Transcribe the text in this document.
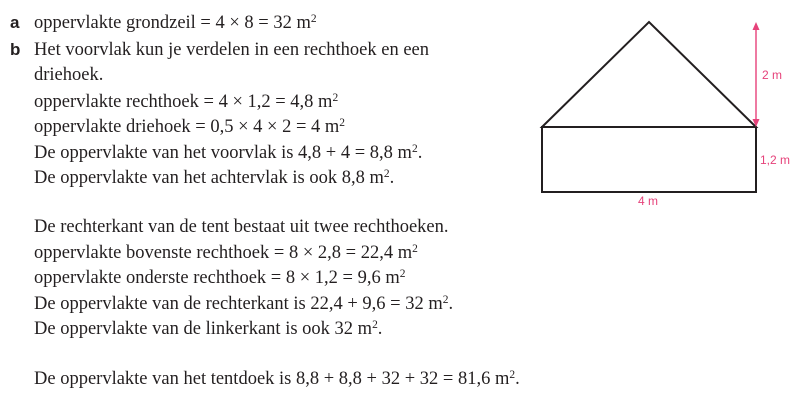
a oppervlakte grondzeil = 4 × 8 = 32 $m^2$
b Het voorvlak kun je verdelen in een rechthoek en een
driehoek.
oppervlakte rechthoek = 4 × 1,2 = 4,8 $m^2$
oppervlakte driehoek = 0,5 × 4 × 2 = 4 $m^2$
De oppervlakte van het voorvlak is 4,8 + 4 = 8,8 $m^2$.
De oppervlakte van het achtervlak is ook 8,8 $m^2$.
De rechterkant van de tent bestaat uit twee rechthoeken.
oppervlakte bovenste rechthoek = 8 × 2,8 = 22,4 $m^2$
oppervlakte onderste rechthoek = 8 × 1,2 = 9,6 $m^2$
De oppervlakte van de rechterkant is 22,4 + 9,6 = 32 $m^2$.
De oppervlakte van de linkerkant is ook 32 $m^2$.
De oppervlakte van het tentdoek is 8,8 + 8,8 + 32 + 32 = 81,6 $m^2$.
2 m
1,2 m
4 m
